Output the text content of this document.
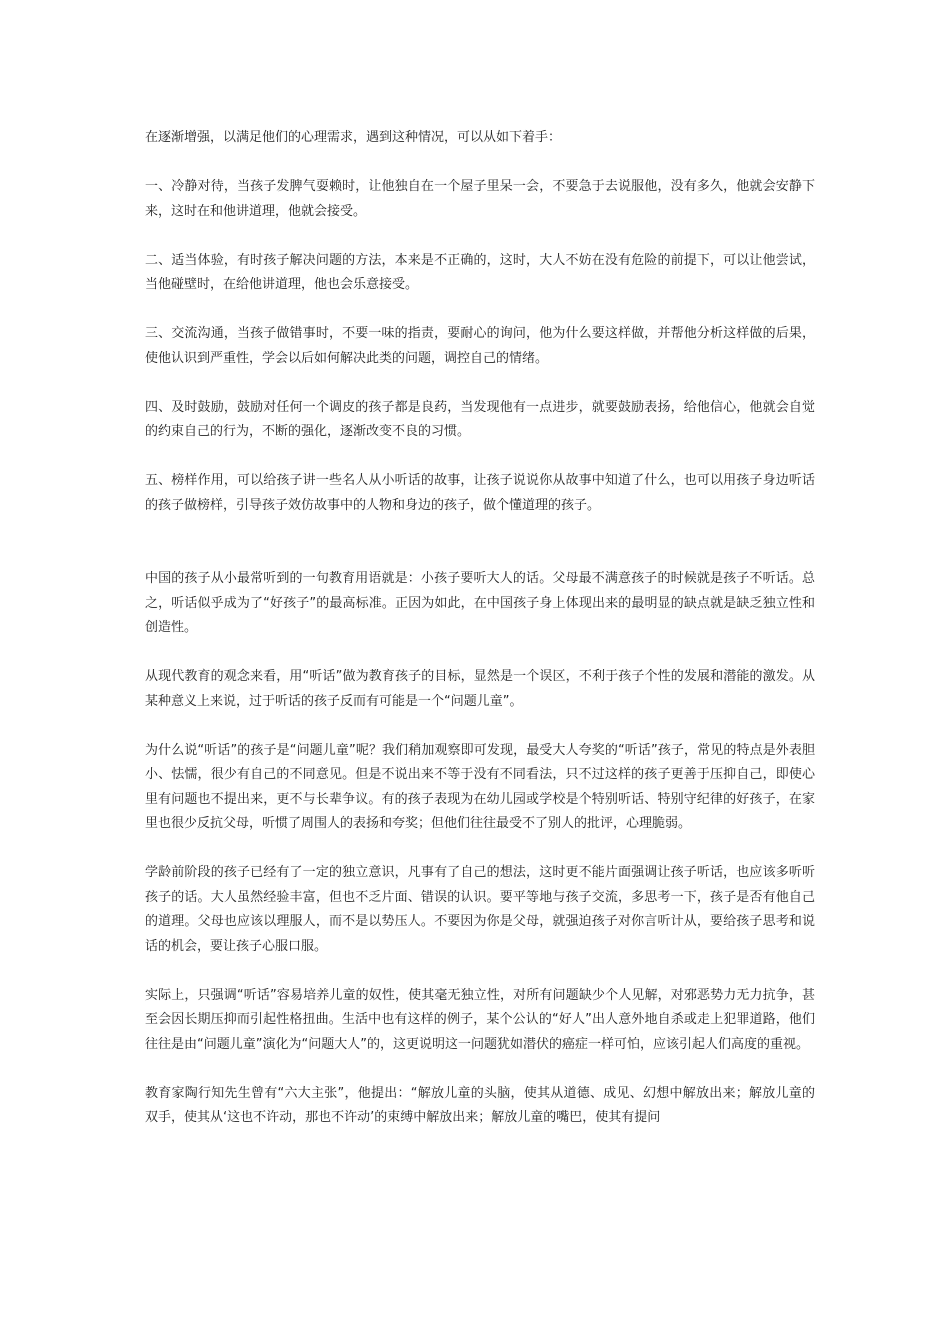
在逐渐增强，以满足他们的心理需求，遇到这种情况，可以从如下着手：

一、冷静对待，当孩子发脾气耍赖时，让他独自在一个屋子里呆一会，不要急于去说服他，没有多久，他就会安静下来，这时在和他讲道理，他就会接受。

二、适当体验，有时孩子解决问题的方法，本来是不正确的，这时，大人不妨在没有危险的前提下，可以让他尝试，当他碰壁时，在给他讲道理，他也会乐意接受。

三、交流沟通，当孩子做错事时，不要一味的指责，要耐心的询问，他为什么要这样做，并帮他分析这样做的后果，使他认识到严重性，学会以后如何解决此类的问题，调控自己的情绪。

四、及时鼓励，鼓励对任何一个调皮的孩子都是良药，当发现他有一点进步，就要鼓励表扬，给他信心，他就会自觉的约束自己的行为，不断的强化，逐渐改变不良的习惯。

五、榜样作用，可以给孩子讲一些名人从小听话的故事，让孩子说说你从故事中知道了什么，也可以用孩子身边听话的孩子做榜样，引导孩子效仿故事中的人物和身边的孩子，做个懂道理的孩子。

中国的孩子从小最常听到的一句教育用语就是：小孩子要听大人的话。父母最不满意孩子的时候就是孩子不听话。总之，听话似乎成为了“好孩子”的最高标准。正因为如此，在中国孩子身上体现出来的最明显的缺点就是缺乏独立性和创造性。

从现代教育的观念来看，用“听话”做为教育孩子的目标，显然是一个误区，不利于孩子个性的发展和潜能的激发。从某种意义上来说，过于听话的孩子反而有可能是一个“问题儿童”。

为什么说“听话”的孩子是“问题儿童”呢？我们稍加观察即可发现，最受大人夸奖的“听话”孩子，常见的特点是外表胆小、怯懦，很少有自己的不同意见。但是不说出来不等于没有不同看法，只不过这样的孩子更善于压抑自己，即使心里有问题也不提出来，更不与长辈争议。有的孩子表现为在幼儿园或学校是个特别听话、特别守纪律的好孩子，在家里也很少反抗父母，听惯了周围人的表扬和夸奖；但他们往往最受不了别人的批评，心理脆弱。

学龄前阶段的孩子已经有了一定的独立意识，凡事有了自己的想法，这时更不能片面强调让孩子听话，也应该多听听孩子的话。大人虽然经验丰富，但也不乏片面、错误的认识。要平等地与孩子交流，多思考一下，孩子是否有他自己的道理。父母也应该以理服人，而不是以势压人。不要因为你是父母，就强迫孩子对你言听计从，要给孩子思考和说话的机会，要让孩子心服口服。

实际上，只强调“听话”容易培养儿童的奴性，使其毫无独立性，对所有问题缺少个人见解，对邪恶势力无力抗争，甚至会因长期压抑而引起性格扭曲。生活中也有这样的例子，某个公认的“好人”出人意外地自杀或走上犯罪道路，他们往往是由“问题儿童”演化为“问题大人”的，这更说明这一问题犹如潜伏的癌症一样可怕，应该引起人们高度的重视。

教育家陶行知先生曾有“六大主张”，他提出：“解放儿童的头脑，使其从道德、成见、幻想中解放出来；解放儿童的双手，使其从‘这也不许动，那也不许动’的束缚中解放出来；解放儿童的嘴巴，使其有提问
